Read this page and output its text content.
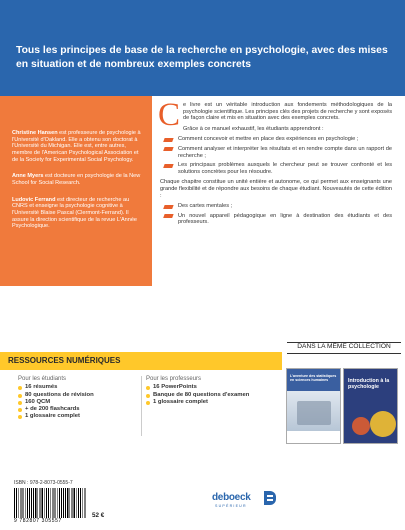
Tous les principes de base de la recherche en psychologie, avec des mises en situation et de nombreux exemples concrets
Christine Hansen est professeure de psychologie à l'Université d'Oakland. Elle a obtenu son doctorat à l'Université du Michigan. Elle est, entre autres, membre de l'American Psychological Association et de la Society for Experimental Social Psychology.
Anne Myers est docteure en psychologie de la New School for Social Research.
Ludovic Ferrand est directeur de recherche au CNRS et enseigne la psychologie cognitive à l'Université Blaise Pascal (Clermont-Ferrand). Il assure la direction scientifique de la revue L'Année Psychologique.

Ce livre est un véritable introduction aux fondements méthodologiques de la psychologie scientifique. Les principes clés des projets de recherche y sont exposés de façon claire et mis en situation avec des exemples concrets.

Grâce à ce manuel exhaustif, les étudiants apprendront :

Comment concevoir et mettre en place des expériences en psychologie ;
Comment analyser et interpréter les résultats et en rendre compte dans un rapport de recherche ;
Les principaux problèmes auxquels le chercheur peut se trouver confronté et les solutions concrètes pour les résoudre.

Chaque chapitre constitue un unité entière et autonome, ce qui permet aux enseignants une grande flexibilité et de répondre aux besoins de chaque étudiant. Nouveautés de cette édition :

Des cartes mentales ;
Un nouvel appareil pédagogique en ligne à destination des étudiants et des professeurs.
RESSOURCES NUMÉRIQUES
Pour les étudiants
16 résumés
80 questions de révision
160 QCM
+ de 200 flashcards
1 glossaire complet
Pour les professeurs
16 PowerPoints
Banque de 80 questions d'examen
1 glossaire complet
DANS LA MÊME COLLECTION
L'aventure des statistiques en sciences humaines	Introduction à la psychologie
ISBN : 978-2-8073-0555-7
9 782807 305557
52 €
deboeck
SUPÉRIEUR
